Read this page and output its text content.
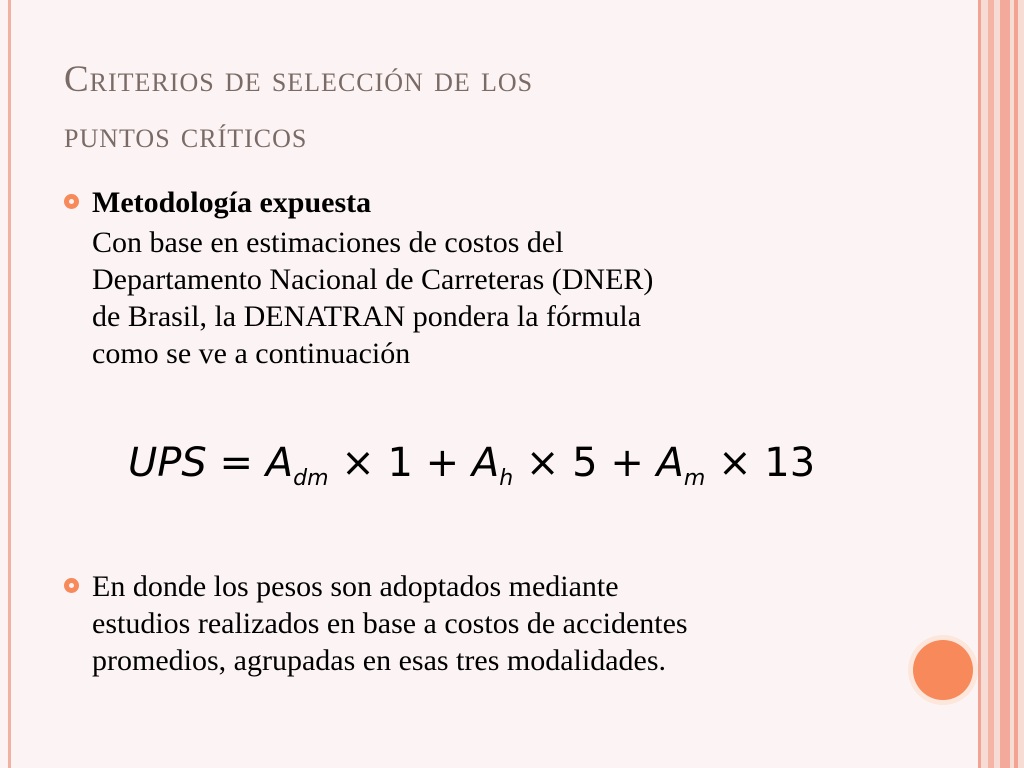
Criterios de selección de los
puntos críticos
Metodología expuesta
Con base en estimaciones de costos del
Departamento Nacional de Carreteras (DNER)
de Brasil, la DENATRAN pondera la fórmula
como se ve a continuación
UPS = $A_{dm} \times 1 + A_h \times 5 + A_m \times 13$
En donde los pesos son adoptados mediante
estudios realizados en base a costos de accidentes
promedios, agrupadas en esas tres modalidades.
